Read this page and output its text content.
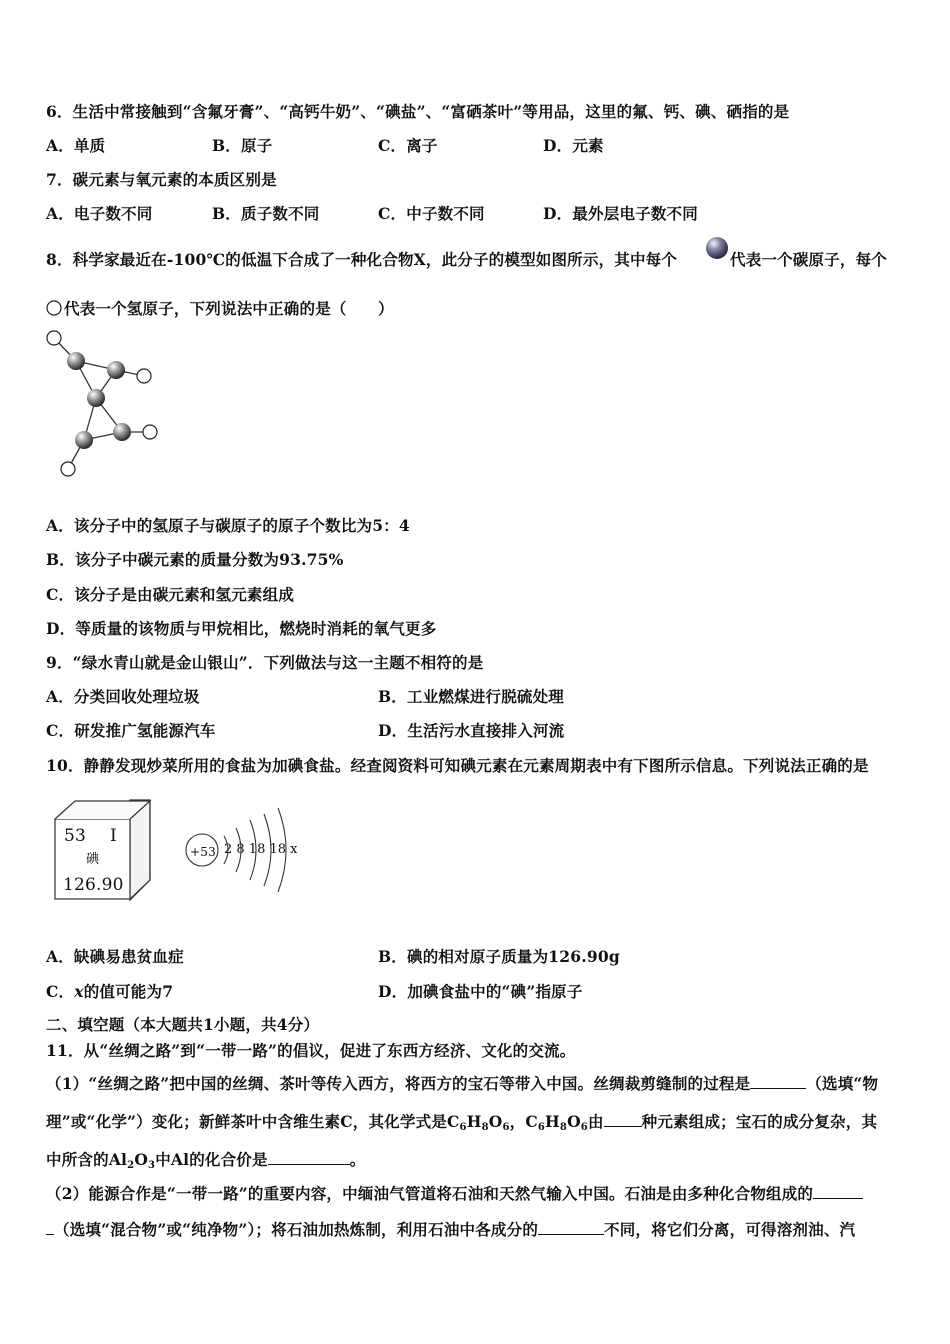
6．生活中常接触到“含氟牙膏”、“高钙牛奶”、“碘盐”、“富硒茶叶”等用品，这里的氟、钙、碘、硒指的是
A．单质	B．原子	C．离子	D．元素
7．碳元素与氧元素的本质区别是
A．电子数不同	B．质子数不同	C．中子数不同	D．最外层电子数不同
8．科学家最近在-100℃的低温下合成了一种化合物X，此分子的模型如图所示，其中每个	代表一个碳原子，每个
代表一个氢原子，下列说法中正确的是（　　）
A．该分子中的氢原子与碳原子的原子个数比为5：4
B．该分子中碳元素的质量分数为93.75%
C．该分子是由碳元素和氢元素组成
D．等质量的该物质与甲烷相比，燃烧时消耗的氧气更多
9．“绿水青山就是金山银山”．下列做法与这一主题不相符的是
A．分类回收处理垃圾	B．工业燃煤进行脱硫处理
C．研发推广氢能源汽车	D．生活污水直接排入河流
10．静静发现炒菜所用的食盐为加碘食盐。经查阅资料可知碘元素在元素周期表中有下图所示信息。下列说法正确的是
53 I
碘
126.90
+53 2 8 18 18 x
A．缺碘易患贫血症	B．碘的相对原子质量为126.90g
C．x的值可能为7	D．加碘食盐中的“碘”指原子
二、填空题（本大题共1小题，共4分）
11．从“丝绸之路”到“一带一路”的倡议，促进了东西方经济、文化的交流。
（1）“丝绸之路”把中国的丝绸、茶叶等传入西方，将西方的宝石等带入中国。丝绸裁剪缝制的过程是	（选填“物
理”或“化学”）变化；新鲜茶叶中含维生素C，其化学式是$C_6H_8O_6$，$C_6H_8O_6$由 种元素组成；宝石的成分复杂，其
中所含的$Al_2O_3$中Al的化合价是	。
（2）能源合作是“一带一路”的重要内容，中缅油气管道将石油和天然气输入中国。石油是由多种化合物组成的
（选填“混合物”或“纯净物”）；将石油加热炼制，利用石油中各成分的	不同，将它们分离，可得溶剂油、汽
